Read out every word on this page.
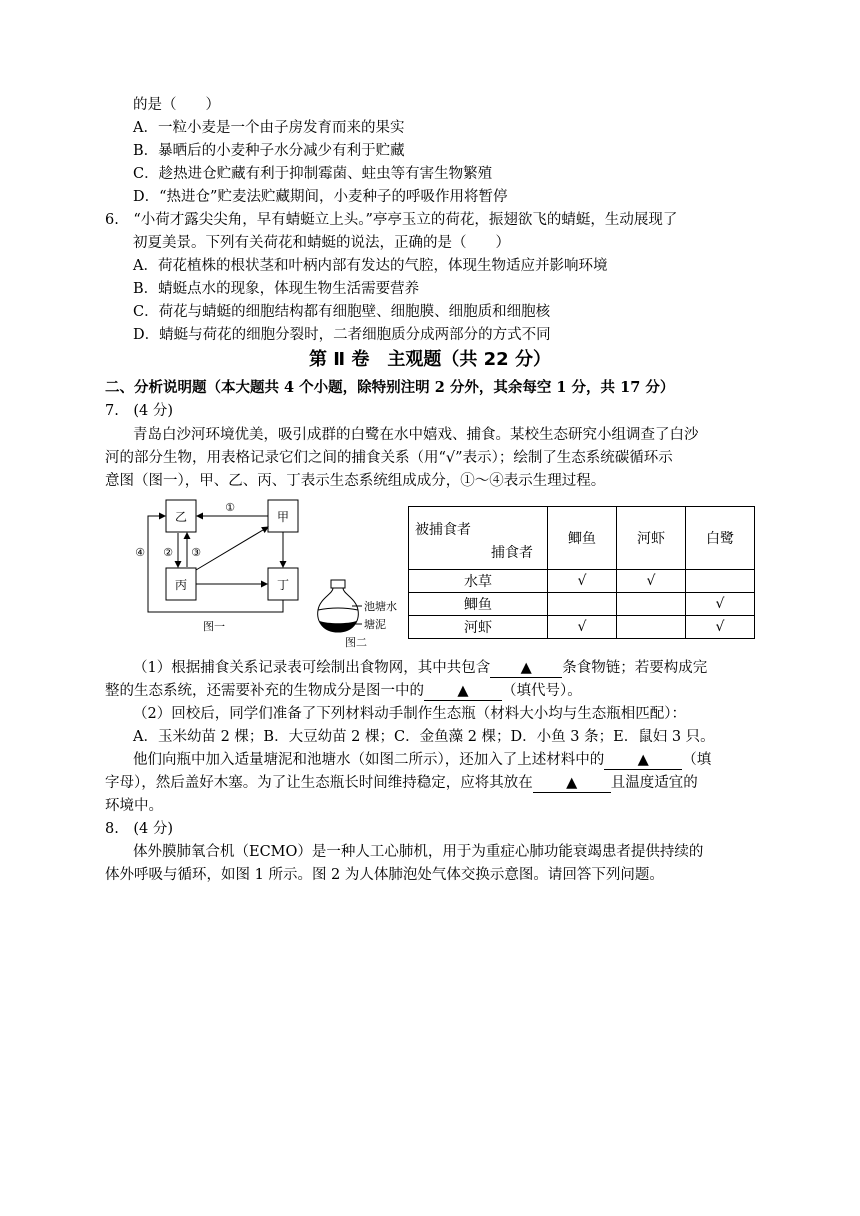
的是（　　）
A．一粒小麦是一个由子房发育而来的果实
B．暴晒后的小麦种子水分减少有利于贮藏
C．趁热进仓贮藏有利于抑制霉菌、蛀虫等有害生物繁殖
D．“热进仓”贮麦法贮藏期间，小麦种子的呼吸作用将暂停
6.　“小荷才露尖尖角，早有蜻蜓立上头。”亭亭玉立的荷花，振翅欲飞的蜻蜓，生动展现了
初夏美景。下列有关荷花和蜻蜓的说法，正确的是（　　）
A．荷花植株的根状茎和叶柄内部有发达的气腔，体现生物适应并影响环境
B．蜻蜓点水的现象，体现生物生活需要营养
C．荷花与蜻蜓的细胞结构都有细胞壁、细胞膜、细胞质和细胞核
D．蜻蜓与荷花的细胞分裂时，二者细胞质分成两部分的方式不同
第 Ⅱ 卷　主观题（共 22 分）
二、分析说明题（本大题共 4 个小题，除特别注明 2 分外，其余每空 1 分，共 17 分）
7.　(4 分)
青岛白沙河环境优美，吸引成群的白鹭在水中嬉戏、捕食。某校生态研究小组调查了白沙
河的部分生物，用表格记录它们之间的捕食关系（用“√”表示）；绘制了生态系统碳循环示
意图（图一），甲、乙、丙、丁表示生态系统组成成分，①～④表示生理过程。
乙	甲
丙	丁
①
② ③
④
图一
池塘水
塘泥
图二
被捕食者
捕食者	鲫鱼	河虾	白鹭
水草	√	√	
鲫鱼			√
河虾	√		√
（1）根据捕食关系记录表可绘制出食物网，其中共包含 ▲ 条食物链；若要构成完
整的生态系统，还需要补充的生物成分是图一中的 ▲ （填代号）。
（2）回校后，同学们准备了下列材料动手制作生态瓶（材料大小均与生态瓶相匹配）：
A．玉米幼苗 2 棵；B．大豆幼苗 2 棵；C．金鱼藻 2 棵；D．小鱼 3 条；E．鼠妇 3 只。
他们向瓶中加入适量塘泥和池塘水（如图二所示），还加入了上述材料中的 ▲ （填
字母），然后盖好木塞。为了让生态瓶长时间维持稳定，应将其放在 ▲ 且温度适宜的
环境中。
8.　(4 分)
体外膜肺氧合机（ECMO）是一种人工心肺机，用于为重症心肺功能衰竭患者提供持续的
体外呼吸与循环，如图 1 所示。图 2 为人体肺泡处气体交换示意图。请回答下列问题。
